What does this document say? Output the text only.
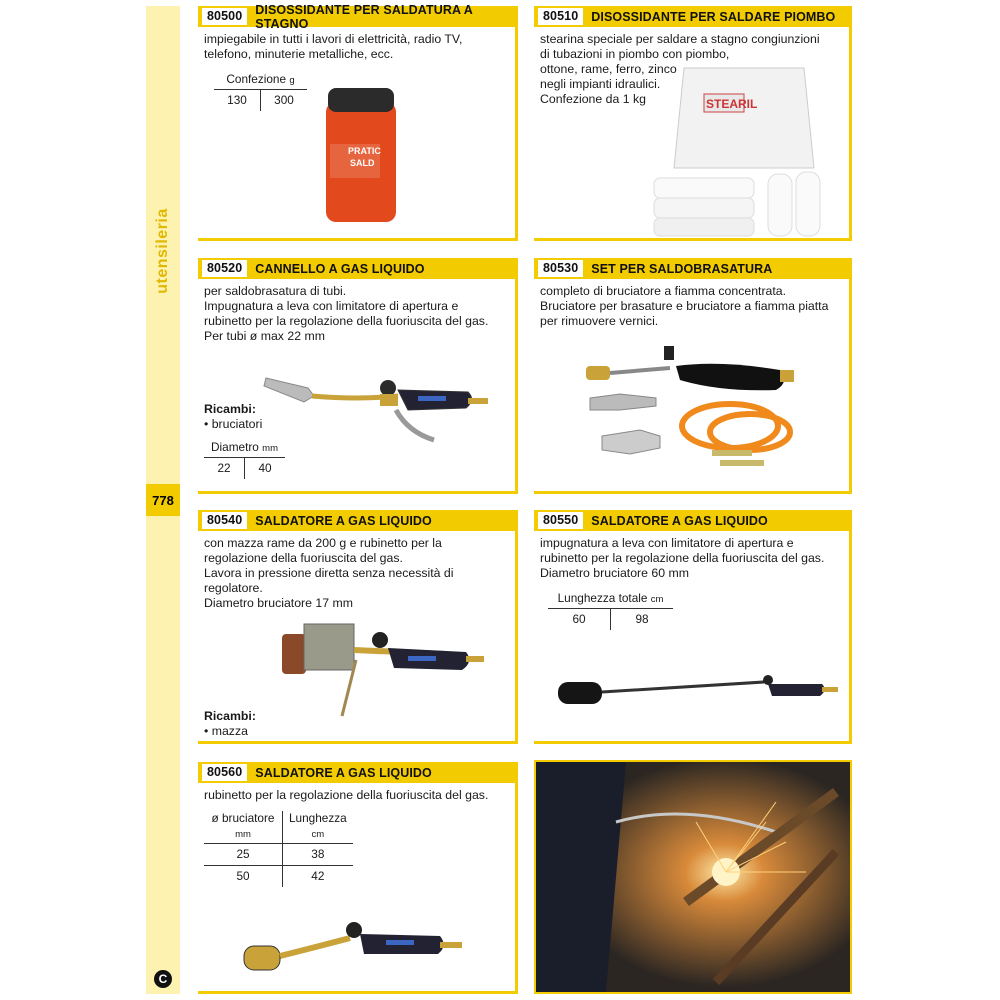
utensileria
778
C
80500	DISOSSIDANTE PER SALDATURA A STAGNO
impiegabile in tutti i lavori di elettricità, radio TV,
telefono, minuterie metalliche, ecc.
Confezione g
130	300
PRATIC
SALD
80510	DISOSSIDANTE PER SALDARE PIOMBO
stearina speciale per saldare a stagno congiunzioni
di tubazioni in piombo con piombo,
ottone, rame, ferro, zinco
negli impianti idraulici.
Confezione da 1 kg	STEARIL
80520	CANNELLO A GAS LIQUIDO
per saldobrasatura di tubi.
Impugnatura a leva con limitatore di apertura e
rubinetto per la regolazione della fuoriuscita del gas.
Per tubi ø max 22 mm
Ricambi:
• bruciatori
Diametro mm
22	40
80530	SET PER SALDOBRASATURA
completo di bruciatore a fiamma concentrata.
Bruciatore per brasature e bruciatore a fiamma piatta
per rimuovere vernici.
80540	SALDATORE A GAS LIQUIDO
con mazza rame da 200 g e rubinetto per la
regolazione della fuoriuscita del gas.
Lavora in pressione diretta senza necessità di regolatore.
Diametro bruciatore 17 mm
Ricambi:
• mazza
80550	SALDATORE A GAS LIQUIDO
impugnatura a leva con limitatore di apertura e
rubinetto per la regolazione della fuoriuscita del gas.
Diametro bruciatore 60 mm
Lunghezza totale cm
60	98
80560	SALDATORE A GAS LIQUIDO
rubinetto per la regolazione della fuoriuscita del gas.
ø bruciatore	Lunghezza
mm	cm
25	38
50	42
